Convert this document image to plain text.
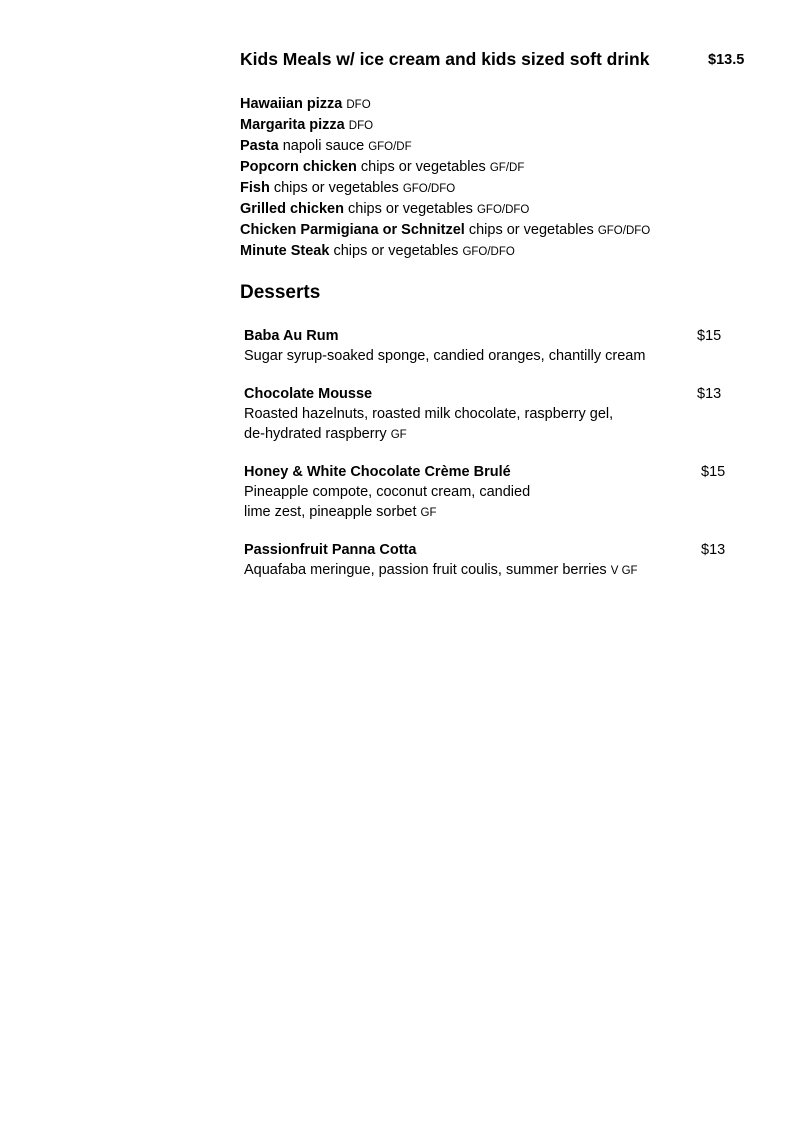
Kids Meals w/ ice cream and kids sized soft drink	$13.5
Hawaiian pizza DFO
Margarita pizza DFO
Pasta napoli sauce GFO/DF
Popcorn chicken chips or vegetables GF/DF
Fish chips or vegetables GFO/DFO
Grilled chicken chips or vegetables GFO/DFO
Chicken Parmigiana or Schnitzel chips or vegetables GFO/DFO
Minute Steak chips or vegetables GFO/DFO
Desserts
Baba Au Rum	$15
Sugar syrup-soaked sponge, candied oranges, chantilly cream
Chocolate Mousse	$13
Roasted hazelnuts, roasted milk chocolate, raspberry gel,
de-hydrated raspberry GF
Honey & White Chocolate Crème Brulé	$15
Pineapple compote, coconut cream, candied
lime zest, pineapple sorbet GF
Passionfruit Panna Cotta	$13
Aquafaba meringue, passion fruit coulis, summer berries V GF
